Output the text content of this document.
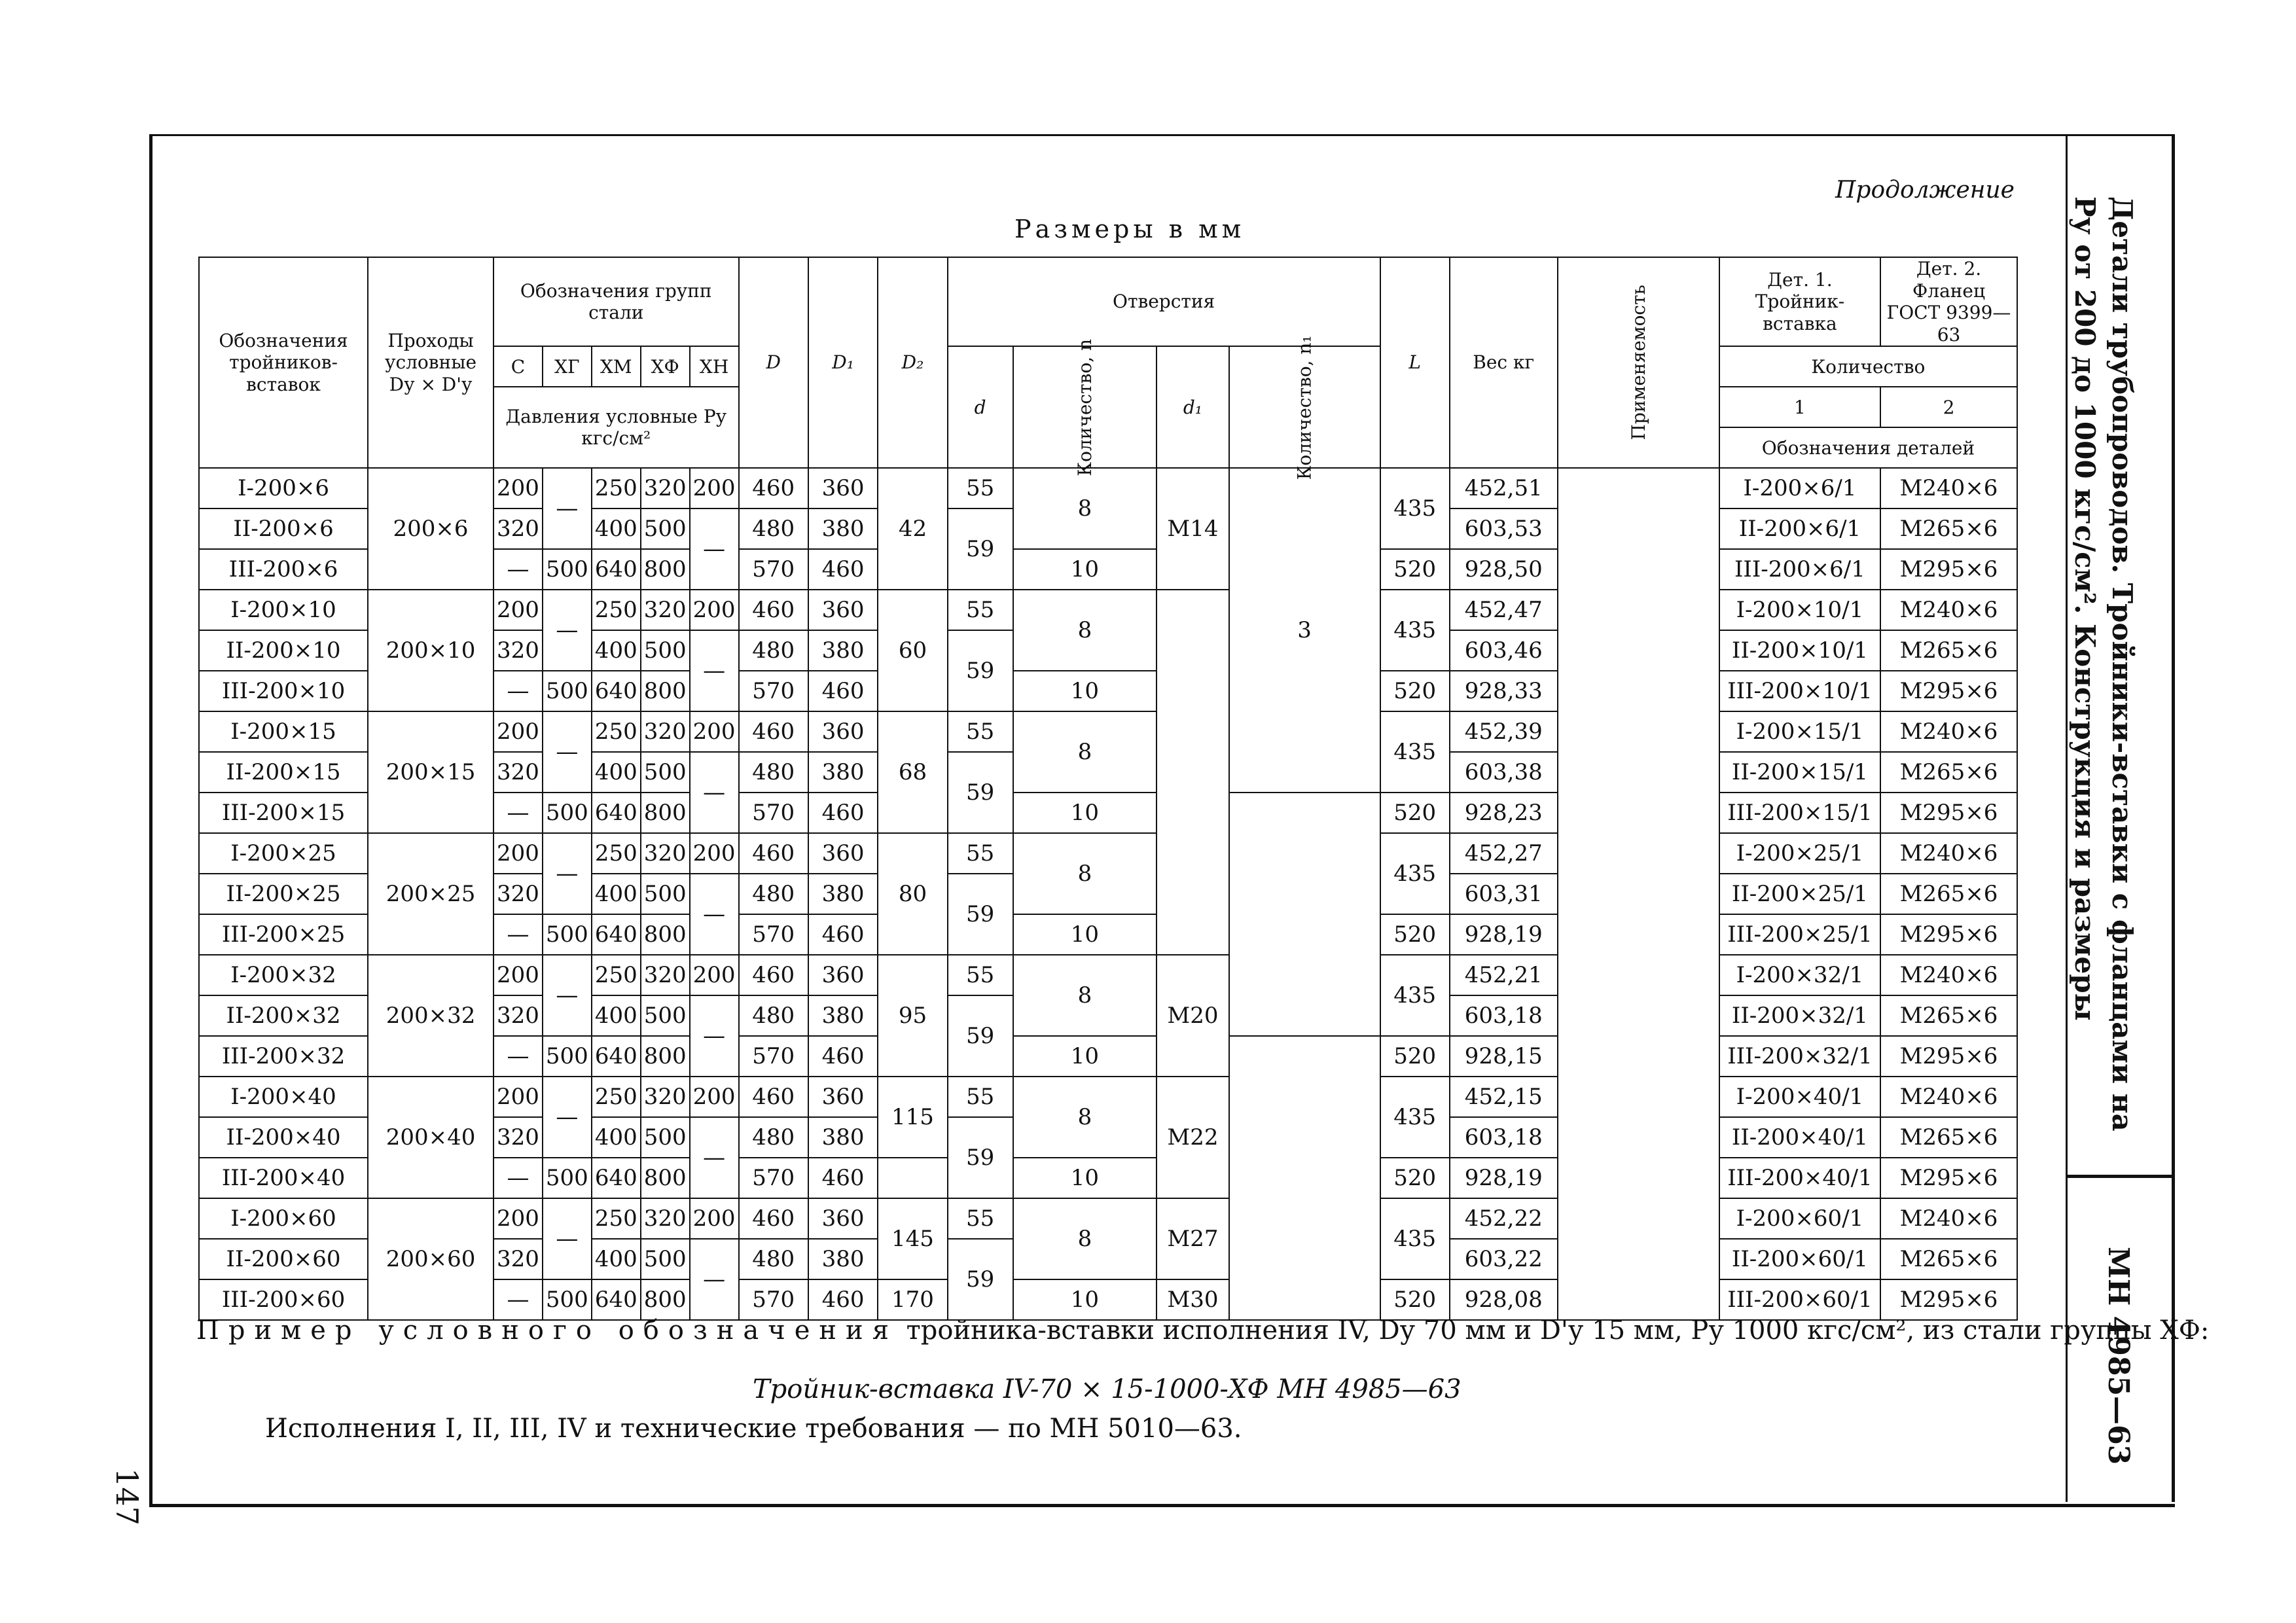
Детали трубопроводов. Тройники-вставки с фланцами на Pу от 200 до 1000 кгс/см². Конструкция и размеры
МН 4985—63
147
Продолжение
Размеры в мм
Обозначения тройников-вставок	Проходы условные Dу × D'у	Обозначения групп стали					D	D₁	D₂	Отверстия				L	Вес кг	Применяемость	Дет. 1. Тройник-вставка	Дет. 2. Фланец ГОСТ 9399—63
		С	ХГ	ХМ	ХФ	ХН				d	Количество, n	d₁	Количество, n₁				Количество	
		Давления условные Pу кгс/см²															1	2
																	Обозначения деталей	
I-200×6	200×6	200	—	250	320	200	460	360	42	55	8	М14	3	435	452,51		I-200×6/1	М240×6
II-200×6		320		400	500	—	480	380		59					603,53		II-200×6/1	М265×6
III-200×6		—	500	640	800		570	460			10			520	928,50		III-200×6/1	М295×6
I-200×10	200×10	200	—	250	320	200	460	360	60	55	8			435	452,47		I-200×10/1	М240×6
II-200×10		320		400	500	—	480	380		59					603,46		II-200×10/1	М265×6
III-200×10		—	500	640	800		570	460			10			520	928,33		III-200×10/1	М295×6
I-200×15	200×15	200	—	250	320	200	460	360	68	55	8			435	452,39		I-200×15/1	М240×6
II-200×15		320		400	500	—	480	380		59					603,38		II-200×15/1	М265×6
III-200×15		—	500	640	800		570	460			10			520	928,23		III-200×15/1	М295×6
I-200×25	200×25	200	—	250	320	200	460	360	80	55	8			435	452,27		I-200×25/1	М240×6
II-200×25		320		400	500	—	480	380		59					603,31		II-200×25/1	М265×6
III-200×25		—	500	640	800		570	460			10			520	928,19		III-200×25/1	М295×6
I-200×32	200×32	200	—	250	320	200	460	360	95	55	8	М20		435	452,21		I-200×32/1	М240×6
II-200×32		320		400	500	—	480	380		59					603,18		II-200×32/1	М265×6
III-200×32		—	500	640	800		570	460			10			520	928,15		III-200×32/1	М295×6
I-200×40	200×40	200	—	250	320	200	460	360	115	55	8	М22		435	452,15		I-200×40/1	М240×6
II-200×40		320		400	500	—	480	380		59					603,18		II-200×40/1	М265×6
III-200×40		—	500	640	800		570	460			10			520	928,19		III-200×40/1	М295×6
I-200×60	200×60	200	—	250	320	200	460	360	145	55	8	М27		435	452,22		I-200×60/1	М240×6
II-200×60		320		400	500	—	480	380		59					603,22		II-200×60/1	М265×6
III-200×60		—	500	640	800		570	460	170		10	М30		520	928,08		III-200×60/1	М295×6
Пример условного обозначения тройника-вставки исполнения IV, Dу 70 мм и D'у 15 мм, Pу 1000 кгс/см², из стали группы ХФ:
Тройник-вставка IV-70 × 15-1000-ХФ МН 4985—63
Исполнения I, II, III, IV и технические требования — по МН 5010—63.
